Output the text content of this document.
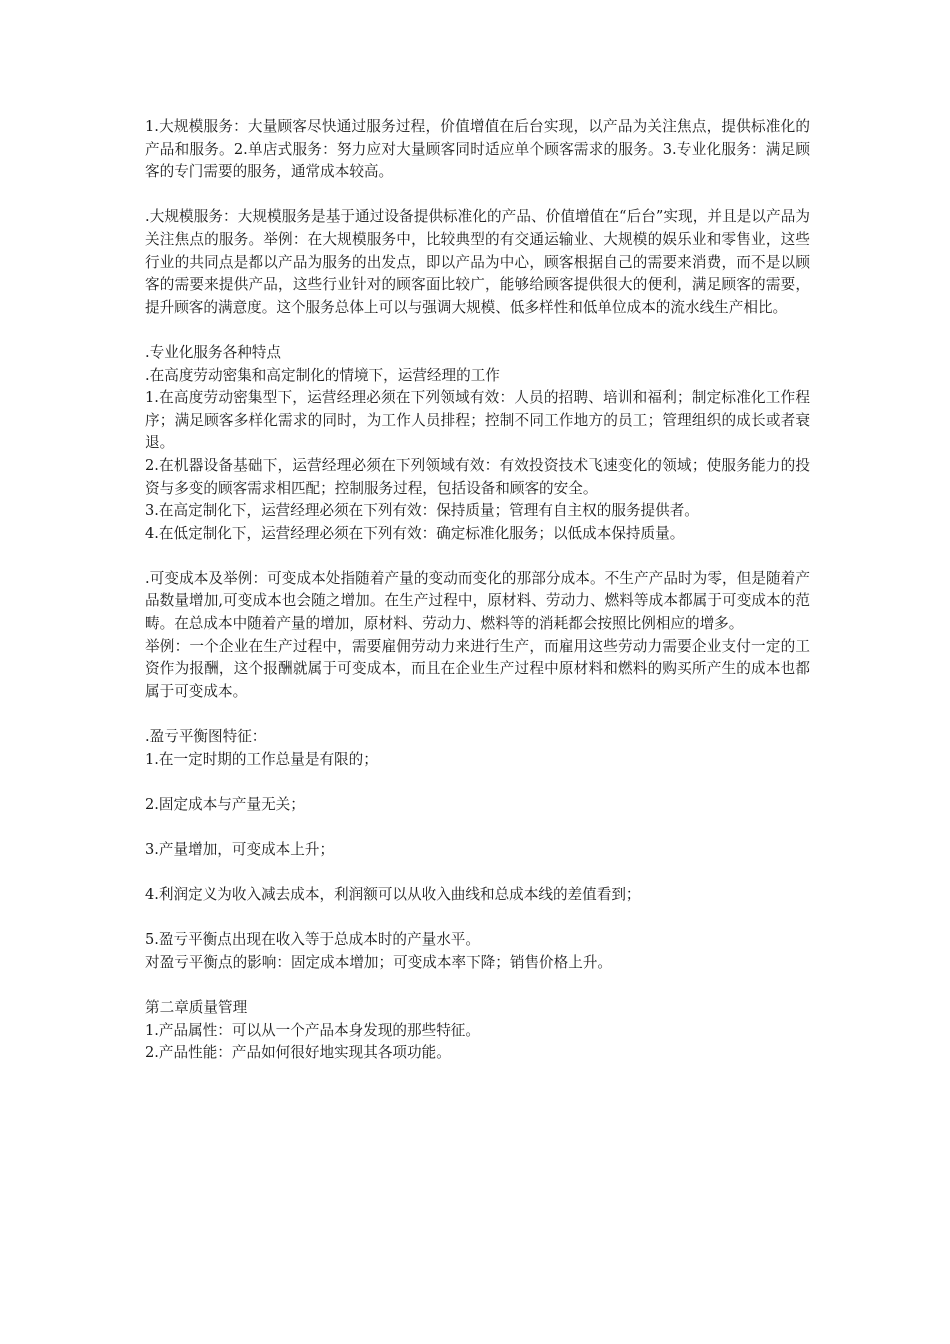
1.大规模服务：大量顾客尽快通过服务过程，价值增值在后台实现，以产品为关注焦点，提供标准化的产品和服务。2.单店式服务：努力应对大量顾客同时适应单个顾客需求的服务。3.专业化服务：满足顾客的专门需要的服务，通常成本较高。

.大规模服务：大规模服务是基于通过设备提供标准化的产品、价值增值在“后台”实现，并且是以产品为关注焦点的服务。举例：在大规模服务中，比较典型的有交通运输业、大规模的娱乐业和零售业，这些行业的共同点是都以产品为服务的出发点，即以产品为中心，顾客根据自己的需要来消费，而不是以顾客的需要来提供产品，这些行业针对的顾客面比较广，能够给顾客提供很大的便利，满足顾客的需要，提升顾客的满意度。这个服务总体上可以与强调大规模、低多样性和低单位成本的流水线生产相比。

.专业化服务各种特点

.在高度劳动密集和高定制化的情境下，运营经理的工作

1.在高度劳动密集型下，运营经理必须在下列领域有效：人员的招聘、培训和福利；制定标准化工作程序；满足顾客多样化需求的同时，为工作人员排程；控制不同工作地方的员工；管理组织的成长或者衰退。

2.在机器设备基础下，运营经理必须在下列领域有效：有效投资技术飞速变化的领域；使服务能力的投资与多变的顾客需求相匹配；控制服务过程，包括设备和顾客的安全。

3.在高定制化下，运营经理必须在下列有效：保持质量；管理有自主权的服务提供者。

4.在低定制化下，运营经理必须在下列有效：确定标准化服务；以低成本保持质量。

.可变成本及举例：可变成本处指随着产量的变动而变化的那部分成本。不生产产品时为零，但是随着产品数量增加,可变成本也会随之增加。在生产过程中，原材料、劳动力、燃料等成本都属于可变成本的范畴。在总成本中随着产量的增加，原材料、劳动力、燃料等的消耗都会按照比例相应的增多。

举例：一个企业在生产过程中，需要雇佣劳动力来进行生产，而雇用这些劳动力需要企业支付一定的工资作为报酬，这个报酬就属于可变成本，而且在企业生产过程中原材料和燃料的购买所产生的成本也都属于可变成本。

.盈亏平衡图特征：

1.在一定时期的工作总量是有限的；

2.固定成本与产量无关；

3.产量增加，可变成本上升；

4.利润定义为收入减去成本，利润额可以从收入曲线和总成本线的差值看到；

5.盈亏平衡点出现在收入等于总成本时的产量水平。

对盈亏平衡点的影响：固定成本增加；可变成本率下降；销售价格上升。

第二章质量管理

1.产品属性：可以从一个产品本身发现的那些特征。

2.产品性能：产品如何很好地实现其各项功能。
